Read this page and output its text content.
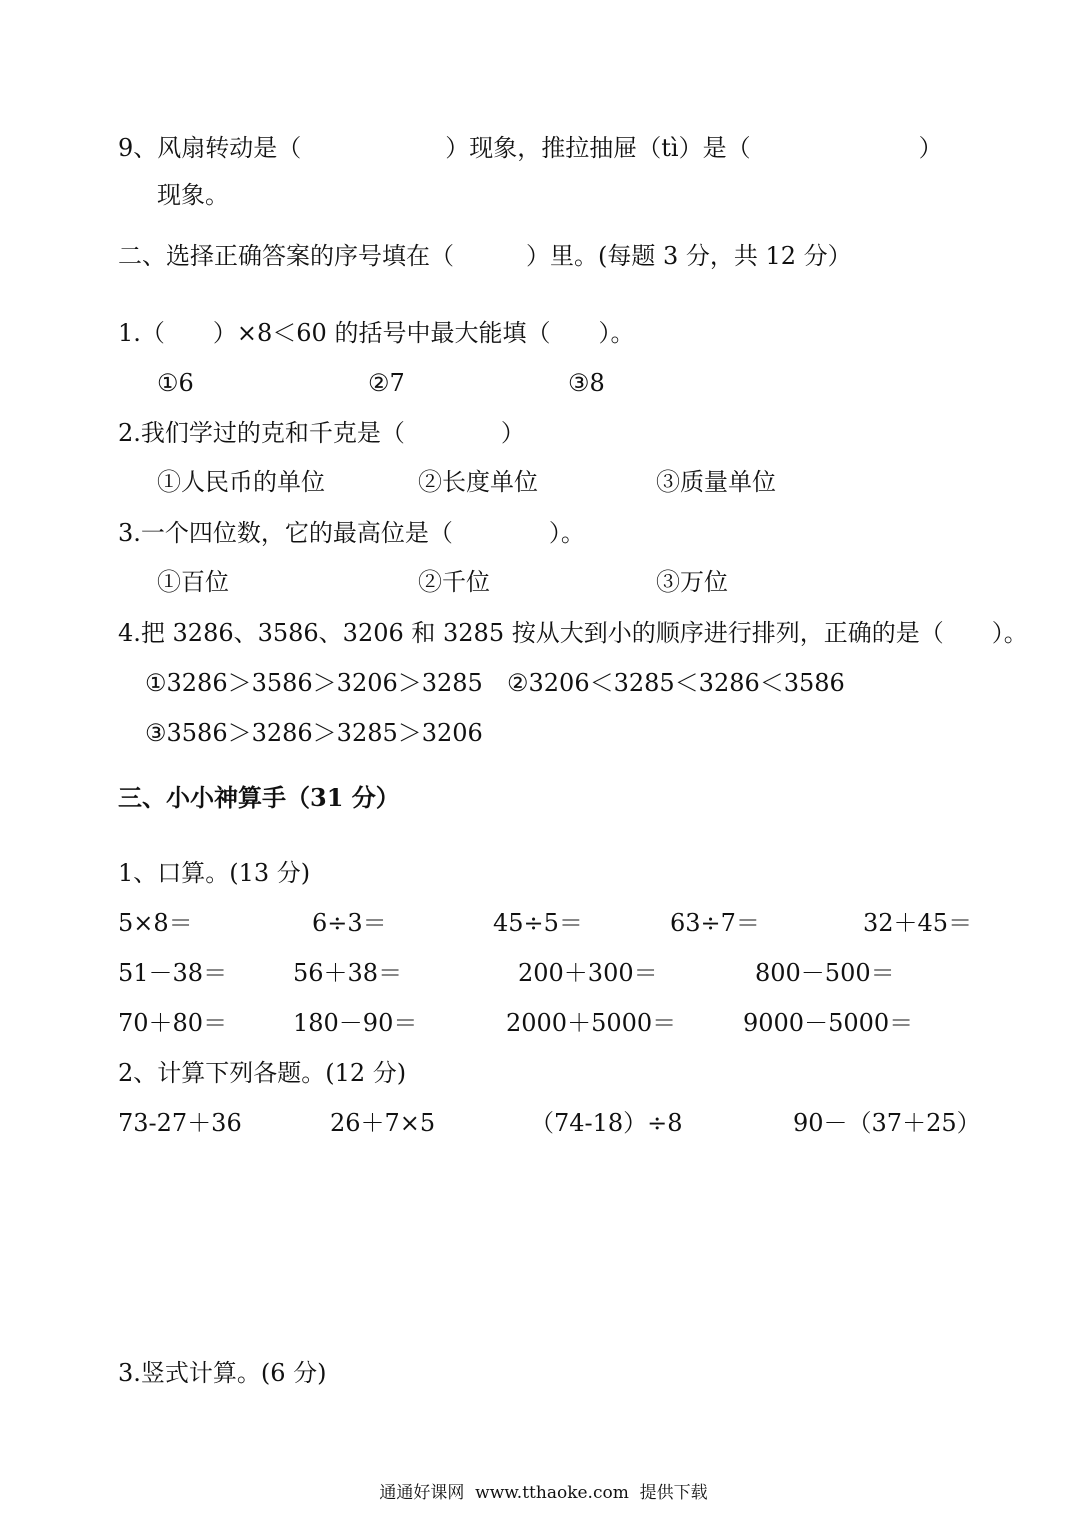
9、风扇转动是（　　　　　　）现象，推拉抽屉（tì）是（　　　　　　　）
现象。
二、选择正确答案的序号填在（　　　）里。(每题 3 分，共 12 分）
1.（　　）×8＜60 的括号中最大能填（　　）。
①6	②7	③8
2.我们学过的克和千克是（　　　　）
①人民币的单位	②长度单位	③质量单位
3.一个四位数，它的最高位是（　　　　）。
①百位	②千位	③万位
4.把 3286、3586、3206 和 3285 按从大到小的顺序进行排列，正确的是（　　）。
①3286＞3586＞3206＞3285 ②3206＜3285＜3286＜3586
③3586＞3286＞3285＞3206
三、小小神算手（31 分）
1、口算。(13 分)
5×8＝	6÷3＝	45÷5＝	63÷7＝	32＋45＝
51－38＝	56＋38＝	200＋300＝	800－500＝
70＋80＝	180－90＝	2000＋5000＝	9000－5000＝
2、计算下列各题。(12 分)
73-27＋36	26＋7×5	（74-18）÷8	90－（37＋25）
3.竖式计算。(6 分)
通通好课网  www.tthaoke.com  提供下载
